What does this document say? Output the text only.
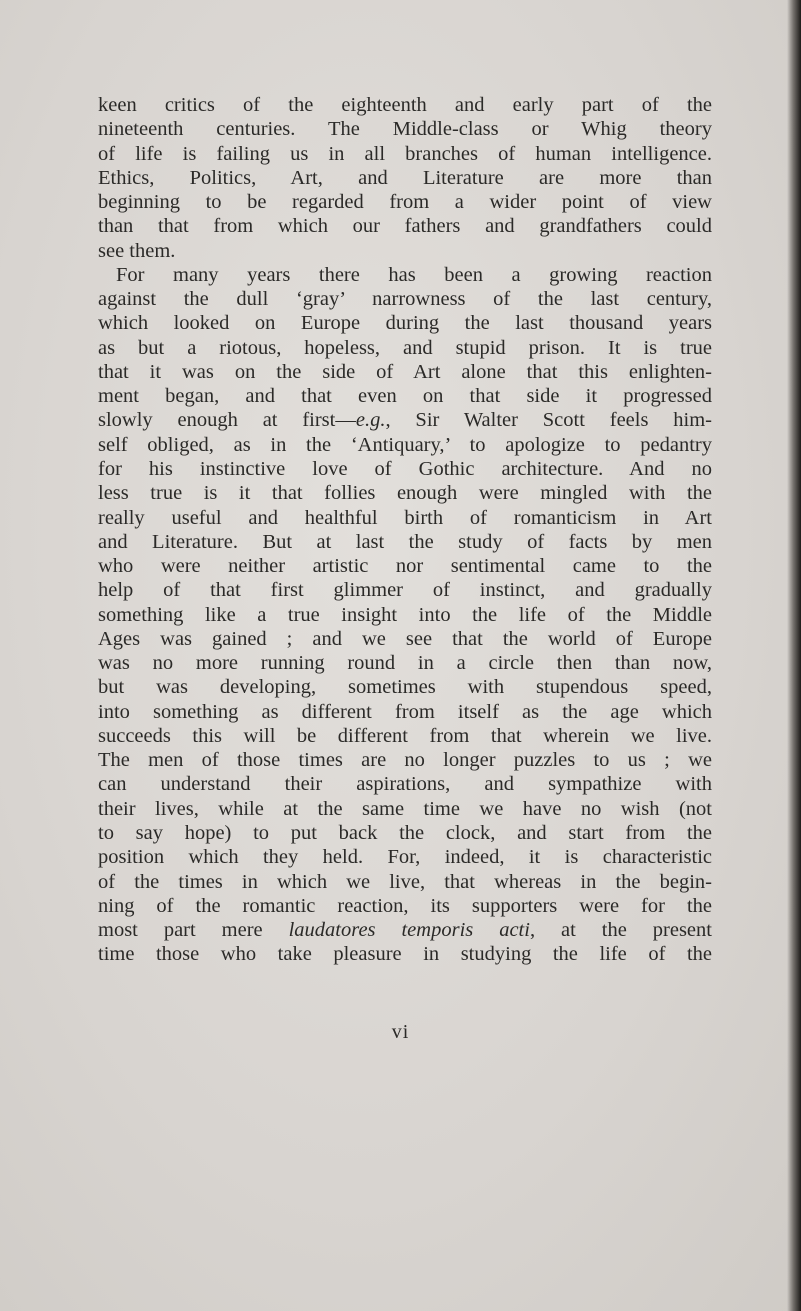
keen critics of the eighteenth and early part of the
nineteenth centuries. The Middle-class or Whig theory
of life is failing us in all branches of human intelligence.
Ethics, Politics, Art, and Literature are more than
beginning to be regarded from a wider point of view
than that from which our fathers and grandfathers could
see them.
For many years there has been a growing reaction
against the dull ‘gray’ narrowness of the last century,
which looked on Europe during the last thousand years
as but a riotous, hopeless, and stupid prison. It is true
that it was on the side of Art alone that this enlighten-
ment began, and that even on that side it progressed
slowly enough at first—e.g., Sir Walter Scott feels him-
self obliged, as in the ‘Antiquary,’ to apologize to pedantry
for his instinctive love of Gothic architecture. And no
less true is it that follies enough were mingled with the
really useful and healthful birth of romanticism in Art
and Literature. But at last the study of facts by men
who were neither artistic nor sentimental came to the
help of that first glimmer of instinct, and gradually
something like a true insight into the life of the Middle
Ages was gained ; and we see that the world of Europe
was no more running round in a circle then than now,
but was developing, sometimes with stupendous speed,
into something as different from itself as the age which
succeeds this will be different from that wherein we live.
The men of those times are no longer puzzles to us ; we
can understand their aspirations, and sympathize with
their lives, while at the same time we have no wish (not
to say hope) to put back the clock, and start from the
position which they held. For, indeed, it is characteristic
of the times in which we live, that whereas in the begin-
ning of the romantic reaction, its supporters were for the
most part mere laudatores temporis acti, at the present
time those who take pleasure in studying the life of the
vi
